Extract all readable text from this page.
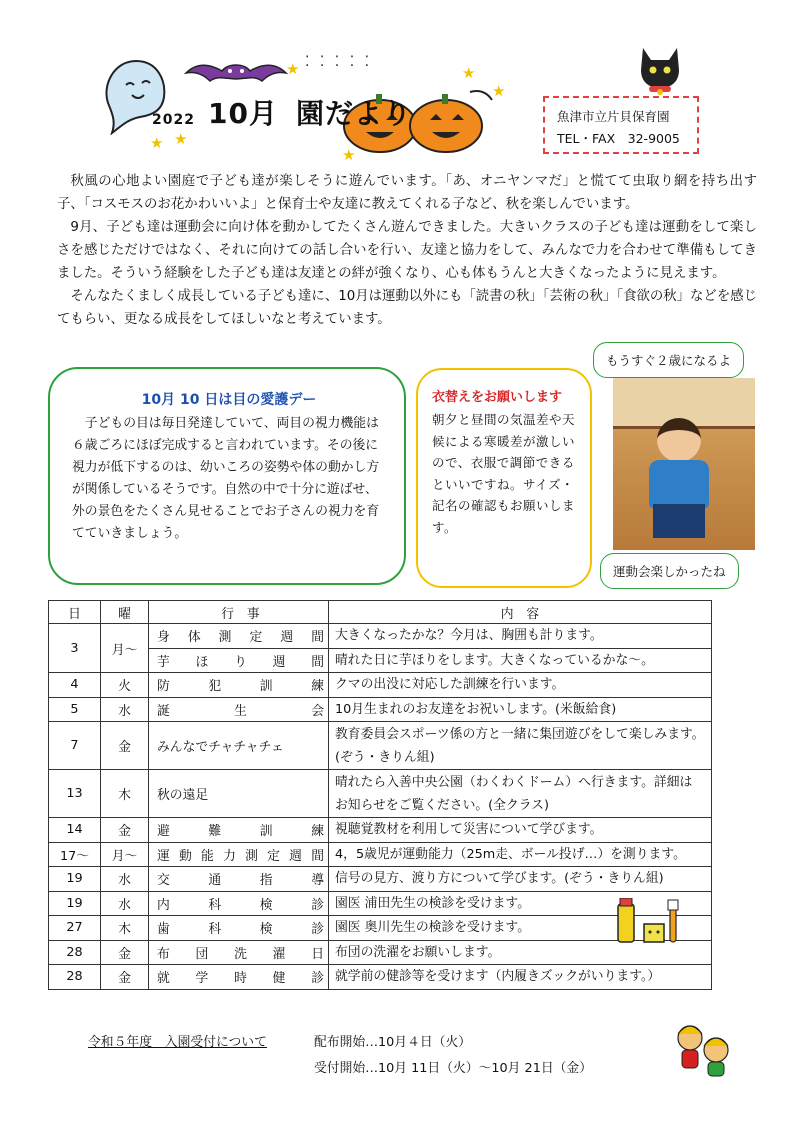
⁚ ⁚ ⁚ ⁚ ⁚
★	★
★
★ ★
★
2022 10月 園だより	魚津市立片貝保育園
TEL・FAX　32-9005

秋風の心地よい園庭で子ども達が楽しそうに遊んでいます。「あ、オニヤンマだ」と慌てて虫取り網を持ち出す子、「コスモスのお花かわいいよ」と保育士や友達に教えてくれる子など、秋を楽しんでいます。

9月、子ども達は運動会に向け体を動かしてたくさん遊んできました。大きいクラスの子ども達は運動をして楽しさを感じただけではなく、それに向けての話し合いを行い、友達と協力をして、みんなで力を合わせて準備もしてきました。そういう経験をした子ども達は友達との絆が強くなり、心も体もうんと大きくなったように見えます。

そんなたくましく成長している子ども達に、10月は運動以外にも「読書の秋」「芸術の秋」「食欲の秋」などを感じてもらい、更なる成長をしてほしいなと考えています。

10月 10 日は目の愛護デー
子どもの目は毎日発達していて、両目の視力機能は６歳ごろにほぼ完成すると言われています。その後に視力が低下するのは、幼いころの姿勢や体の動かし方が関係しているそうです。自然の中で十分に遊ばせ、外の景色をたくさん見せることでお子さんの視力を育てていきましょう。
衣替えをお願いします
朝夕と昼間の気温差や天候による寒暖差が激しいので、衣服で調節できるといいですね。サイズ・記名の確認もお願いします。
もうすぐ２歳になるよ
運動会楽しかったね
日	曜	行　事	内　容
3	月～	身体測定週間	大きくなったかな？今月は、胸囲も計ります。
		芋ほり週間	晴れた日に芋ほりをします。大きくなっているかな～。
4	火	防犯訓練	クマの出没に対応した訓練を行います。
5	水	誕生会	10月生まれのお友達をお祝いします。(米飯給食)
7	金	みんなでチャチャチェ	教育委員会スポーツ係の方と一緒に集団遊びをして楽しみます。(ぞう・きりん組)
13	木	秋の遠足	晴れたら入善中央公園（わくわくドーム）へ行きます。詳細はお知らせをご覧ください。(全クラス)
14	金	避難訓練	視聴覚教材を利用して災害について学びます。
17～	月～	運動能力測定週間	4，5歳児が運動能力（25m走、ボール投げ…）を測ります。
19	水	交通指導	信号の見方、渡り方について学びます。(ぞう・きりん組)
19	水	内科検診	園医 浦田先生の検診を受けます。
27	木	歯科検診	園医 奥川先生の検診を受けます。
28	金	布団洗濯日	布団の洗濯をお願いします。
28	金	就学時健診	就学前の健診等を受けます（内履きズックがいります。）
令和５年度　入園受付について	配布開始…10月４日（火）
受付開始…10月 11日（火）～10月 21日（金）
